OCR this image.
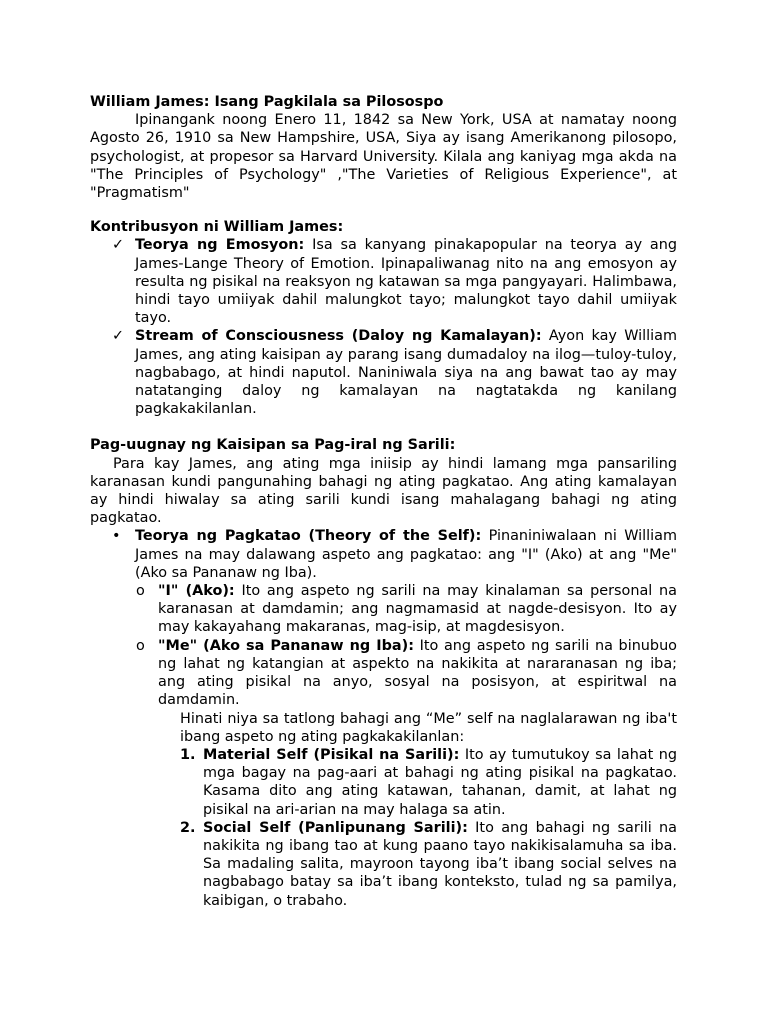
William James: Isang Pagkilala sa Pilosospo

Ipinangank noong Enero 11, 1842 sa New York, USA at namatay noong Agosto 26, 1910 sa New Hampshire, USA, Siya ay isang Amerikanong pilosopo, psychologist, at propesor sa Harvard University. Kilala ang kaniyag mga akda na "The Principles of Psychology" ,"The Varieties of Religious Experience", at "Pragmatism"

Kontribusyon ni William James:

✓ Teorya ng Emosyon: Isa sa kanyang pinakapopular na teorya ay ang James-Lange Theory of Emotion. Ipinapaliwanag nito na ang emosyon ay resulta ng pisikal na reaksyon ng katawan sa mga pangyayari. Halimbawa, hindi tayo umiiyak dahil malungkot tayo; malungkot tayo dahil umiiyak tayo.
✓ Stream of Consciousness (Daloy ng Kamalayan): Ayon kay William James, ang ating kaisipan ay parang isang dumadaloy na ilog—tuloy-tuloy, nagbabago, at hindi naputol. Naniniwala siya na ang bawat tao ay may natatanging daloy ng kamalayan na nagtatakda ng kanilang pagkakakilanlan.

Pag-uugnay ng Kaisipan sa Pag-iral ng Sarili:

Para kay James, ang ating mga iniisip ay hindi lamang mga pansariling karanasan kundi pangunahing bahagi ng ating pagkatao. Ang ating kamalayan ay hindi hiwalay sa ating sarili kundi isang mahalagang bahagi ng ating pagkatao.

• Teorya ng Pagkatao (Theory of the Self): Pinaniniwalaan ni William James na may dalawang aspeto ang pagkatao: ang "I" (Ako) at ang "Me" (Ako sa Pananaw ng Iba).
o "I" (Ako): Ito ang aspeto ng sarili na may kinalaman sa personal na karanasan at damdamin; ang nagmamasid at nagde-desisyon. Ito ay may kakayahang makaranas, mag-isip, at magdesisyon.
o "Me" (Ako sa Pananaw ng Iba): Ito ang aspeto ng sarili na binubuo ng lahat ng katangian at aspekto na nakikita at nararanasan ng iba; ang ating pisikal na anyo, sosyal na posisyon, at espiritwal na damdamin.

Hinati niya sa tatlong bahagi ang “Me” self na naglalarawan ng iba't ibang aspeto ng ating pagkakakilanlan:

1. Material Self (Pisikal na Sarili): Ito ay tumutukoy sa lahat ng mga bagay na pag-aari at bahagi ng ating pisikal na pagkatao. Kasama dito ang ating katawan, tahanan, damit, at lahat ng pisikal na ari-arian na may halaga sa atin.
2. Social Self (Panlipunang Sarili): Ito ang bahagi ng sarili na nakikita ng ibang tao at kung paano tayo nakikisalamuha sa iba. Sa madaling salita, mayroon tayong iba’t ibang social selves na nagbabago batay sa iba’t ibang konteksto, tulad ng sa pamilya, kaibigan, o trabaho.
